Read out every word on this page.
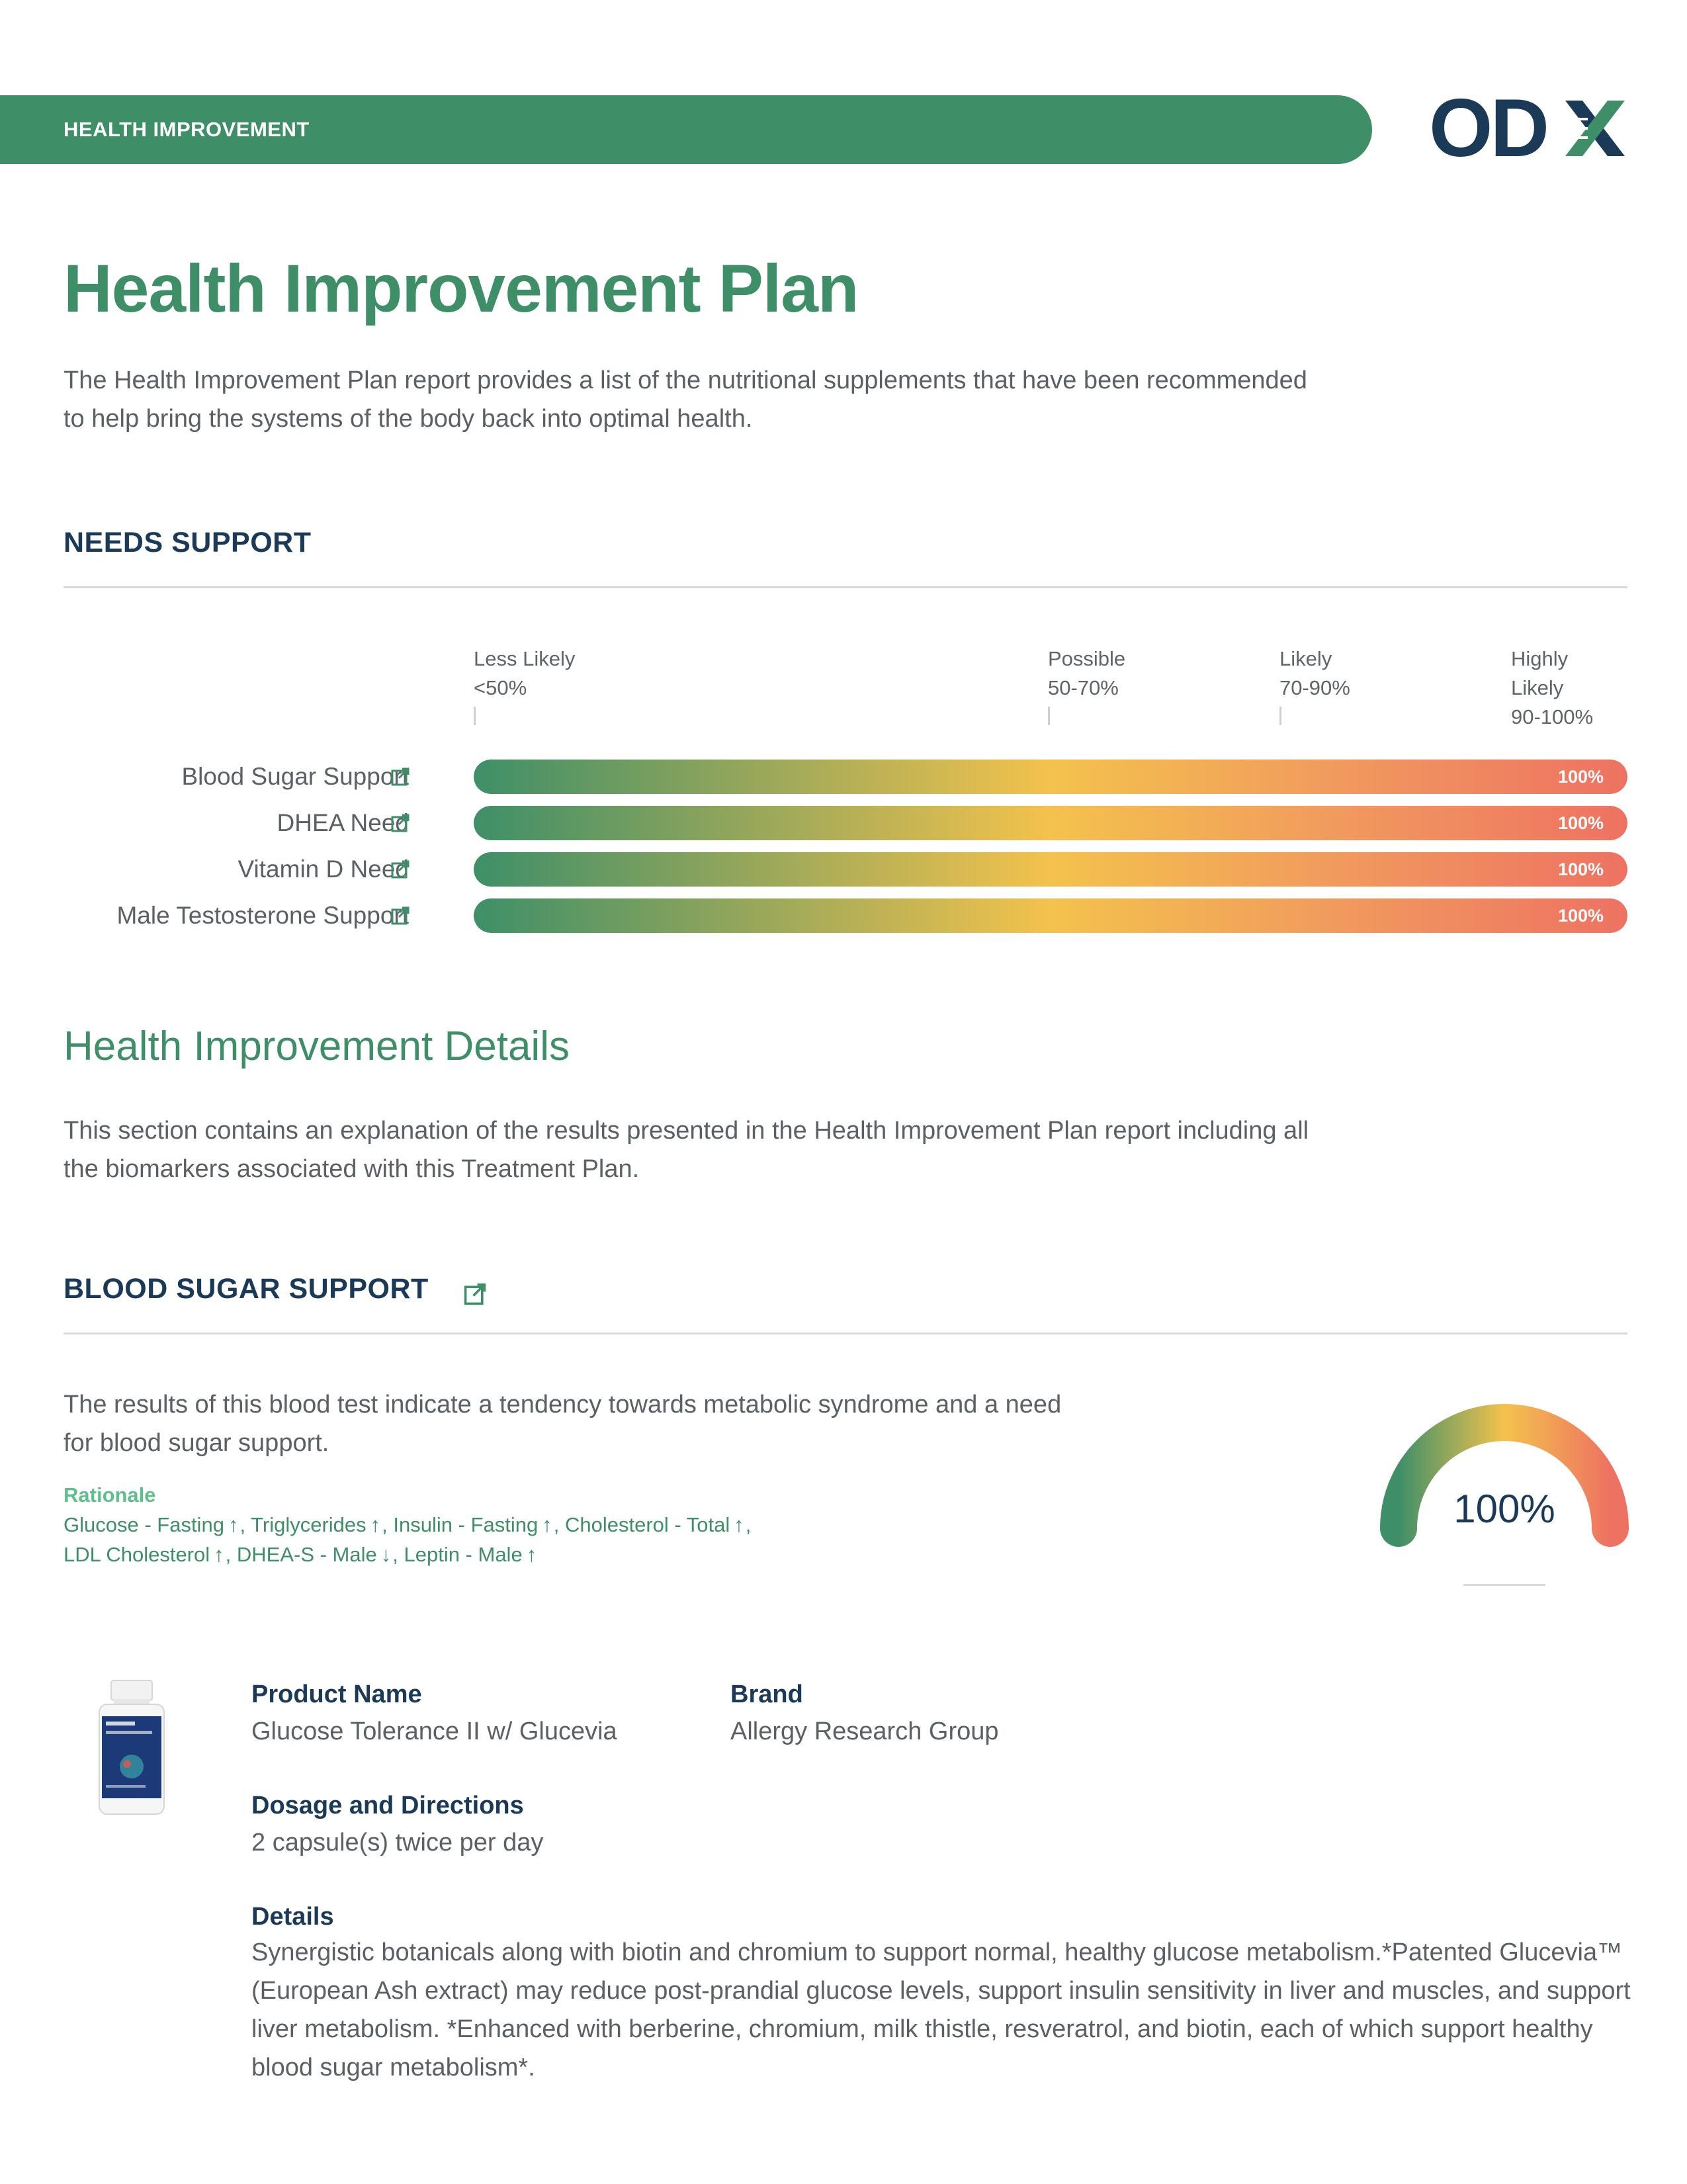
HEALTH IMPROVEMENT	OD
Health Improvement Plan

The Health Improvement Plan report provides a list of the nutritional supplements that have been recommended to help bring the systems of the body back into optimal health.

NEEDS SUPPORT
Less Likely
<50%
Possible
50-70%
Likely
70-90%
Highly
Likely
90-100%
Blood Sugar Support	100%
DHEA Need	100%
Vitamin D Need	100%
Male Testosterone Support	100%
Health Improvement Details

This section contains an explanation of the results presented in the Health Improvement Plan report including all the biomarkers associated with this Treatment Plan.

BLOOD SUGAR SUPPORT

The results of this blood test indicate a tendency towards metabolic syndrome and a need for blood sugar support.

Rationale
Glucose - Fasting ↑, Triglycerides ↑, Insulin - Fasting ↑, Cholesterol - Total ↑,
LDL Cholesterol ↑, DHEA-S - Male ↓, Leptin - Male ↑
100%
Product Name
Glucose Tolerance II w/ Glucevia
Brand
Allergy Research Group
Dosage and Directions
2 capsule(s) twice per day
Details

Synergistic botanicals along with biotin and chromium to support normal, healthy glucose metabolism.*Patented Glucevia™ (European Ash extract) may reduce post-prandial glucose levels, support insulin sensitivity in liver and muscles, and support liver metabolism. *Enhanced with berberine, chromium, milk thistle, resveratrol, and biotin, each of which support healthy blood sugar metabolism*.
